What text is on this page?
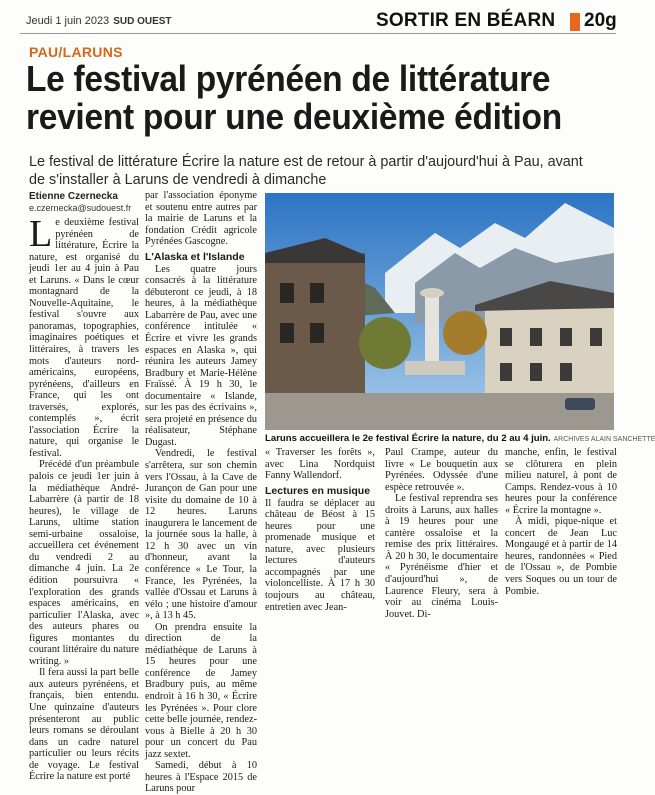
Jeudi 1 juin 2023 SUD OUEST	SORTIR EN BÉARN 20g
PAU/LARUNS
Le festival pyrénéen de littérature
revient pour une deuxième édition

Le festival de littérature Écrire la nature est de retour à partir d'aujourd'hui à Pau, avant de s'installer à Laruns de vendredi à dimanche

Etienne Czernecka
e.czernecka@sudouest.fr

Le deuxième festival pyrénéen de littérature, Écrire la nature, est organisé du jeudi 1er au 4 juin à Pau et Laruns. « Dans le cœur montagnard de la Nouvelle-Aquitaine, le festival s'ouvre aux panoramas, topographies, imaginaires poétiques et littéraires, à travers les mots d'auteurs nord-américains, européens, pyrénéens, d'ailleurs en France, qui les ont traversés, explorés, contemplés », écrit l'association Écrire la nature, qui organise le festival.

Précédé d'un préambule palois ce jeudi 1er juin à la médiathèque André-Labarrère (à partir de 18 heures), le village de Laruns, ultime station semi-urbaine ossaloise, accueillera cet événement du vendredi 2 au dimanche 4 juin. La 2e édition poursuivra « l'exploration des grands espaces américains, en particulier l'Alaska, avec des auteurs phares ou figures montantes du courant littéraire du nature writing. »

Il fera aussi la part belle aux auteurs pyrénéens, et français, bien entendu. Une quinzaine d'auteurs présenteront au public leurs romans se déroulant dans un cadre naturel particulier ou leurs récits de voyage. Le festival Écrire la nature est porté

par l'association éponyme et soutenu entre autres par la mairie de Laruns et la fondation Crédit agricole Pyrénées Gascogne.

L'Alaska et l'Islande

Les quatre jours consacrés à la littérature débuteront ce jeudi, à 18 heures, à la médiathèque Labarrère de Pau, avec une conférence intitulée « Écrire et vivre les grands espaces en Alaska », qui réunira les auteurs Jamey Bradbury et Marie-Hélène Fraïssé. À 19 h 30, le documentaire « Islande, sur les pas des écrivains », sera projeté en présence du réalisateur, Stéphane Dugast.

Vendredi, le festival s'arrêtera, sur son chemin vers l'Ossau, à la Cave de Jurançon de Gan pour une visite du domaine de 10 à 12 heures. Laruns inaugurera le lancement de la journée sous la halle, à 12 h 30 avec un vin d'honneur, avant la conférence « Le Tour, la France, les Pyrénées, la vallée d'Ossau et Laruns à vélo ; une histoire d'amour », à 13 h 45.

On prendra ensuite la direction de la médiathèque de Laruns à 15 heures pour une conférence de Jamey Bradbury puis, au même endroit à 16 h 30, « Écrire les Pyrénées ». Pour clore cette belle journée, rendez-vous à Bielle à 20 h 30 pour un concert du Pau jazz sextet.

Samedi, début à 10 heures à l'Espace 2015 de Laruns pour

Laruns accueillera le 2e festival Écrire la nature, du 2 au 4 juin. ARCHIVES ALAIN SANCHETTE

« Traverser les forêts », avec Lina Nordquist Fanny Wallendorf.

Lectures en musique

Il faudra se déplacer au château de Béost à 15 heures pour une promenade musique et nature, avec plusieurs lectures d'auteurs accompagnés par une violoncelliste. À 17 h 30 toujours au château, entretien avec Jean-

Paul Crampe, auteur du livre « Le bouquetin aux Pyrénées. Odyssée d'une espèce retrouvée ».

Le festival reprendra ses droits à Laruns, aux halles à 19 heures pour une cantère ossaloise et la remise des prix littéraires. À 20 h 30, le documentaire « Pyrénéisme d'hier et d'aujourd'hui », de Laurence Fleury, sera à voir au cinéma Louis-Jouvet. Di-

manche, enfin, le festival se clôturera en plein milieu naturel, à pont de Camps. Rendez-vous à 10 heures pour la conférence « Écrire la montagne ».

À midi, pique-nique et concert de Jean Luc Mongaugé et à partir de 14 heures, randonnées « Pied de l'Ossau », de Pombie vers Soques ou un tour de Pombie.
